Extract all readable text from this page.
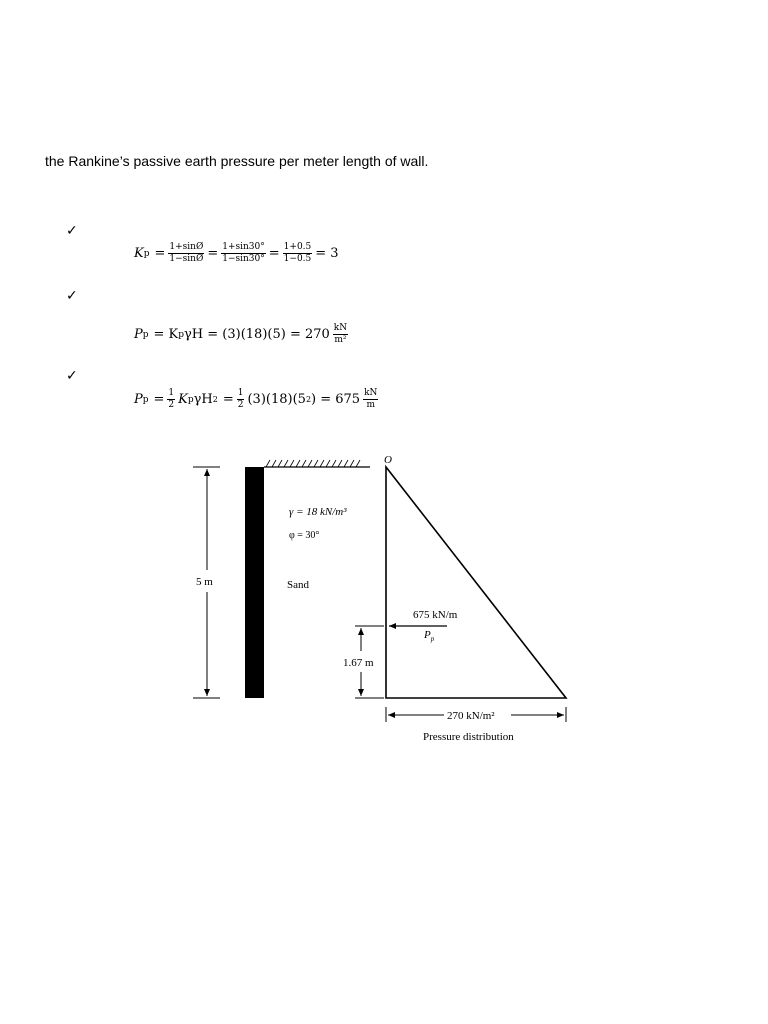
the Rankine’s passive earth pressure per meter length of wall.
✓
✓
✓
K $p = \frac{1+\sin Ø}{1-\sin Ø} = \frac{1+\sin 30^\circ}{1-\sin 30^\circ} = \frac{1+0.5}{1-0.5} = 3$
P p = K p $\gamma H = (3)(18)(5) = 270 \frac{kN}{\text{m²}}$
P $p = \frac{1}{2}$ K p γH $2 = \frac{1}{2} (3)(18)(5$ 2 ) = $675 \frac{kN}{m}$
5 m
γ = 18 kN/m³
φ = 30°
Sand
O
675 kN/m
$P_p$
1.67 m
270 kN/m²
Pressure distribution
